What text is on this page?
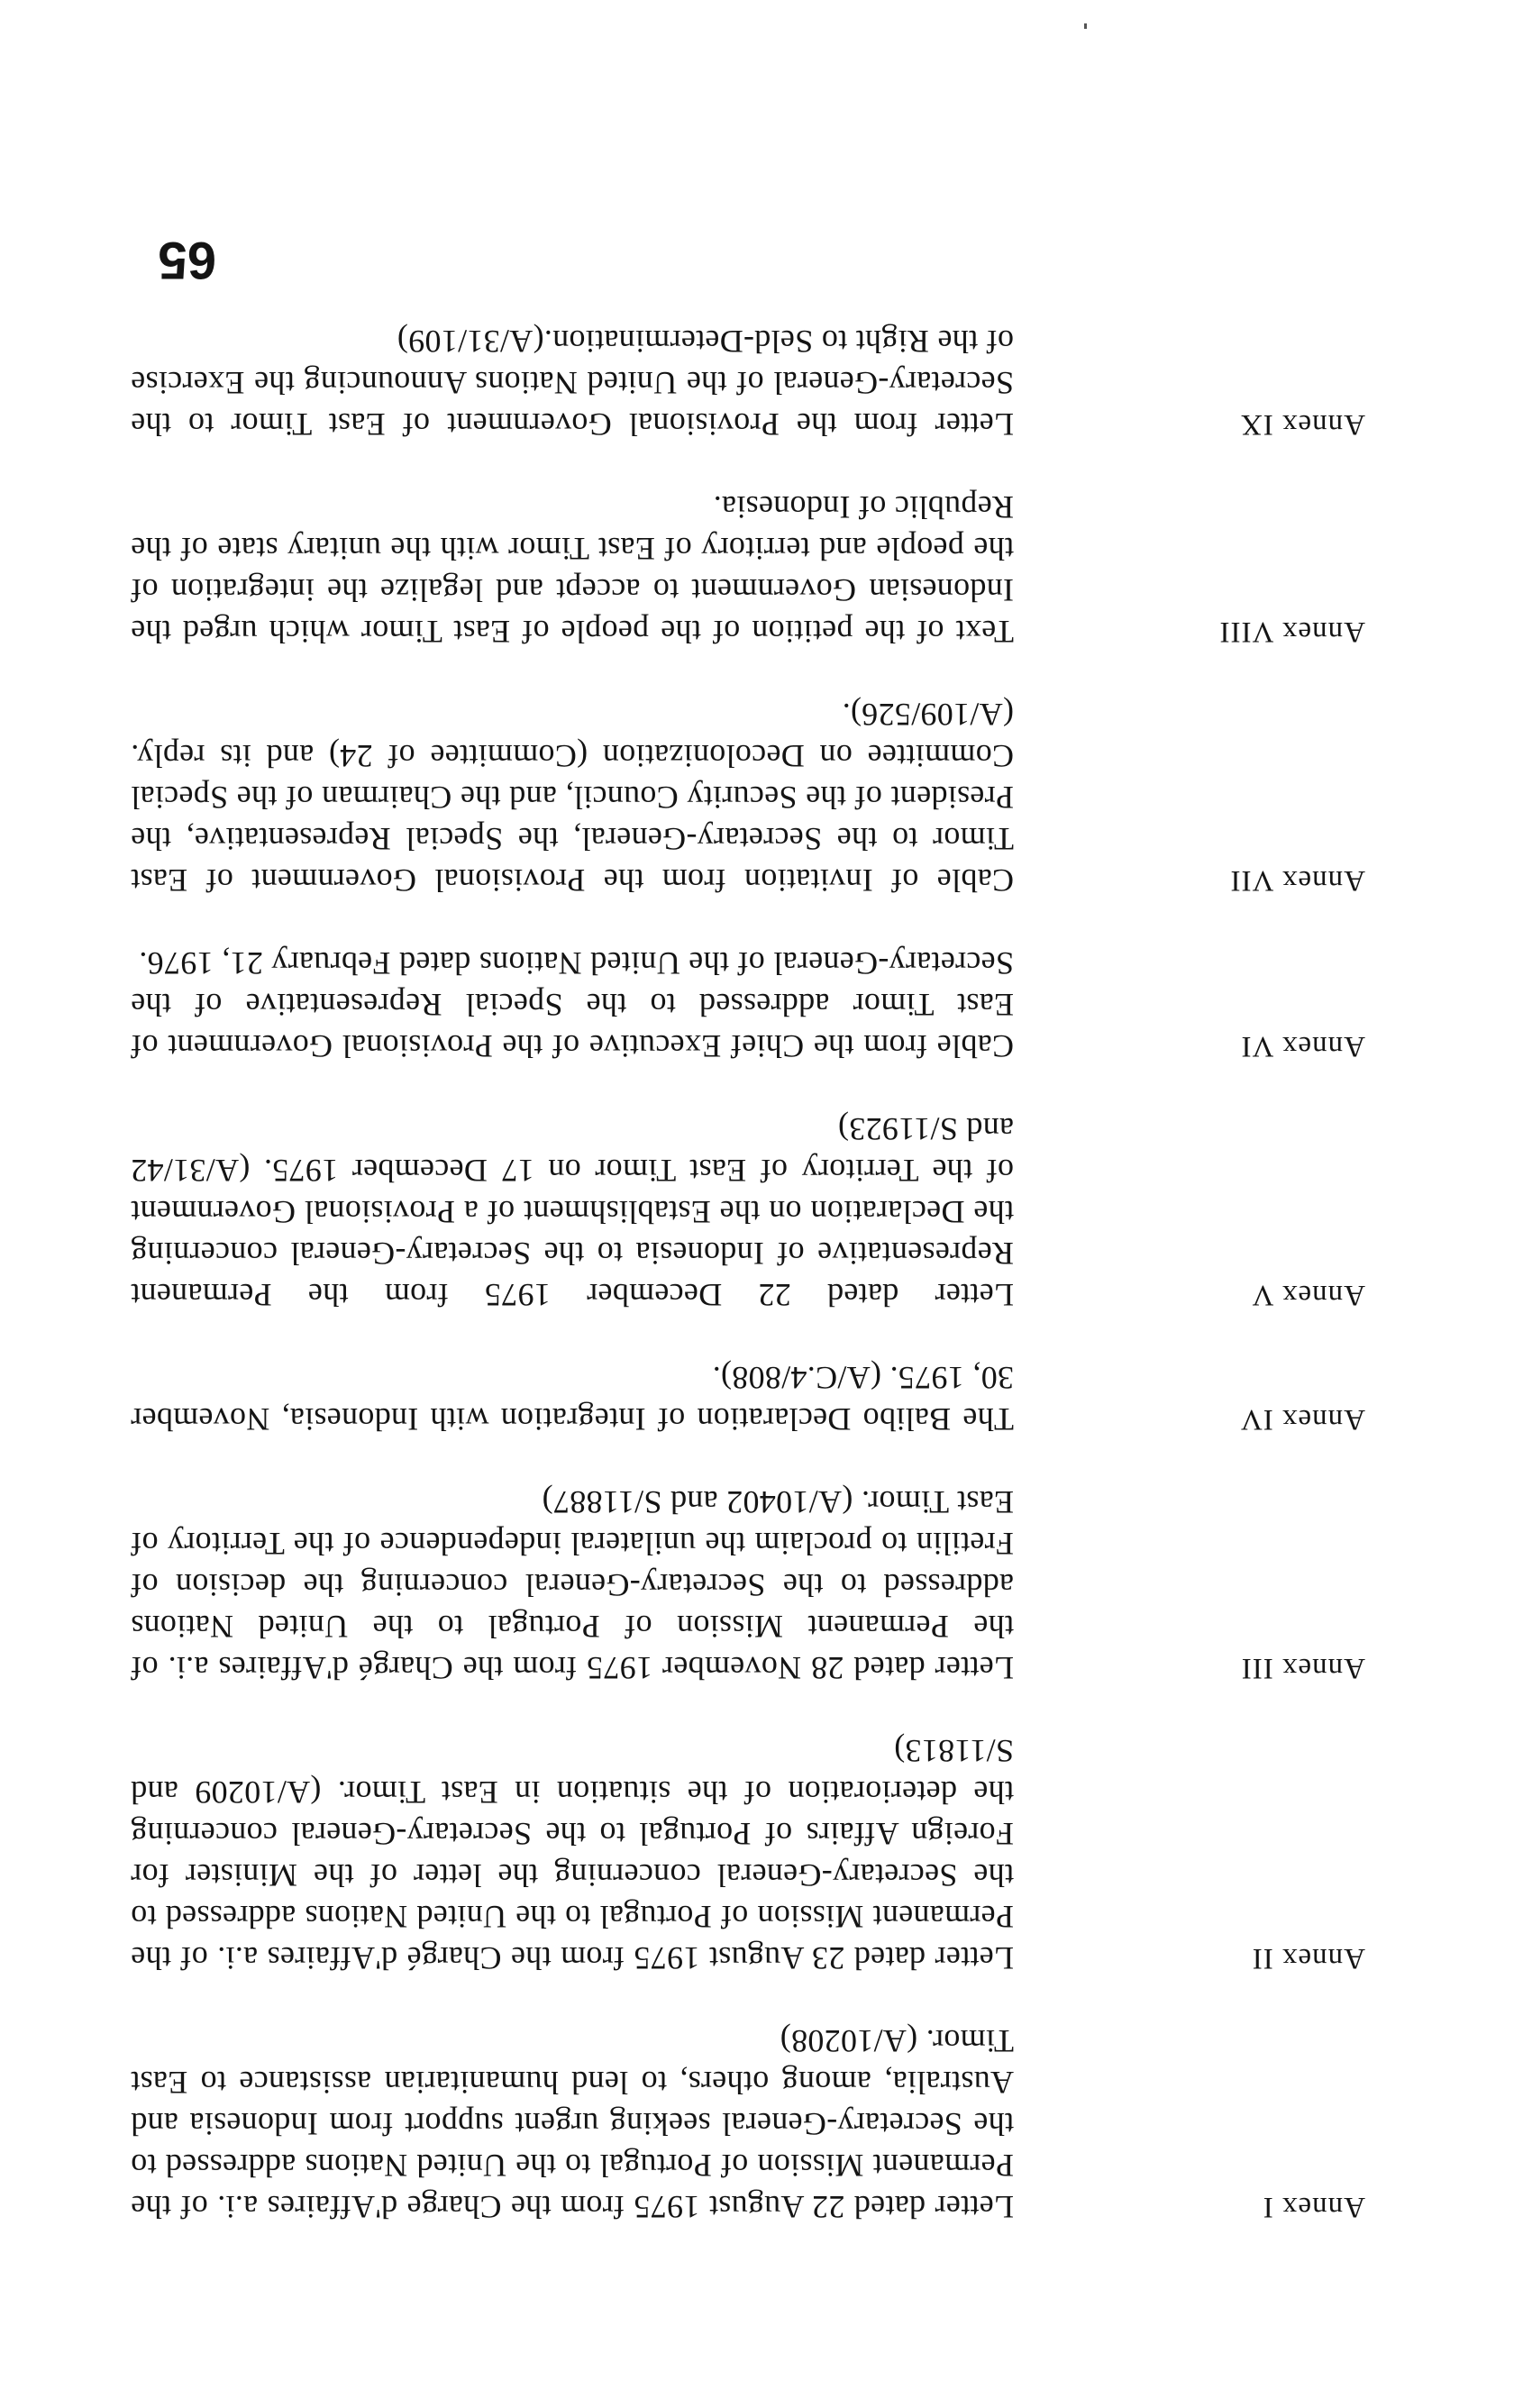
Annex I
Letter dated 22 August 1975 from the Charge d'Affaires a.i. of the Permanent Mission of Portugal to the United Nations addressed to the Secretary-General seeking urgent support from Indonesia and Australia, among others, to lend humanitarian assistance to East Timor. (A/10208)
Annex II
Letter dated 23 August 1975 from the Chargé d'Affaires a.i. of the Permanent Mission of Portugal to the United Nations addressed to the Secretary-General concerning the letter of the Minister for Foreign Affairs of Portugal to the Secretary-General concerning the deterioration of the situation in East Timor. (A/10209 and S/11813)
Annex III
Letter dated 28 November 1975 from the Chargé d'Affaires a.i. of the Permanent Mission of Portugal to the United Nations addressed to the Secretary-General concerning the decision of Fretilin to proclaim the unilateral independence of the Territory of East Timor. (A/10402 and S/11887)
Annex IV
The Balibo Declaration of Integration with Indonesia, November 30, 1975. (A/C.4/808).
Annex V
Letter dated 22 December 1975 from the Permanent Representative of Indonesia to the Secretary-General concerning the Declaration on the Establishment of a Provisional Government of the Territory of East Timor on 17 December 1975. (A/31/42 and S/11923)
Annex VI
Cable from the Chief Executive of the Provisional Government of East Timor addressed to the Special Representative of the Secretary-General of the United Nations dated February 21, 1976.
Annex VII
Cable of Invitation from the Provisional Government of East Timor to the Secretary-General, the Special Representative, the President of the Security Council, and the Chairman of the Special Committee on Decolonization (Committee of 24) and its reply. (A/109/526).
Annex VIII
Text of the petition of the people of East Timor which urged the Indonesian Government to accept and legalize the integration of the people and territory of East Timor with the unitary state of the Republic of Indonesia.
Annex IX
Letter from the Provisional Government of East Timor to the Secretary-General of the United Nations Announcing the Exercise of the Right to Seld-Determination.(A/31/109)
65
